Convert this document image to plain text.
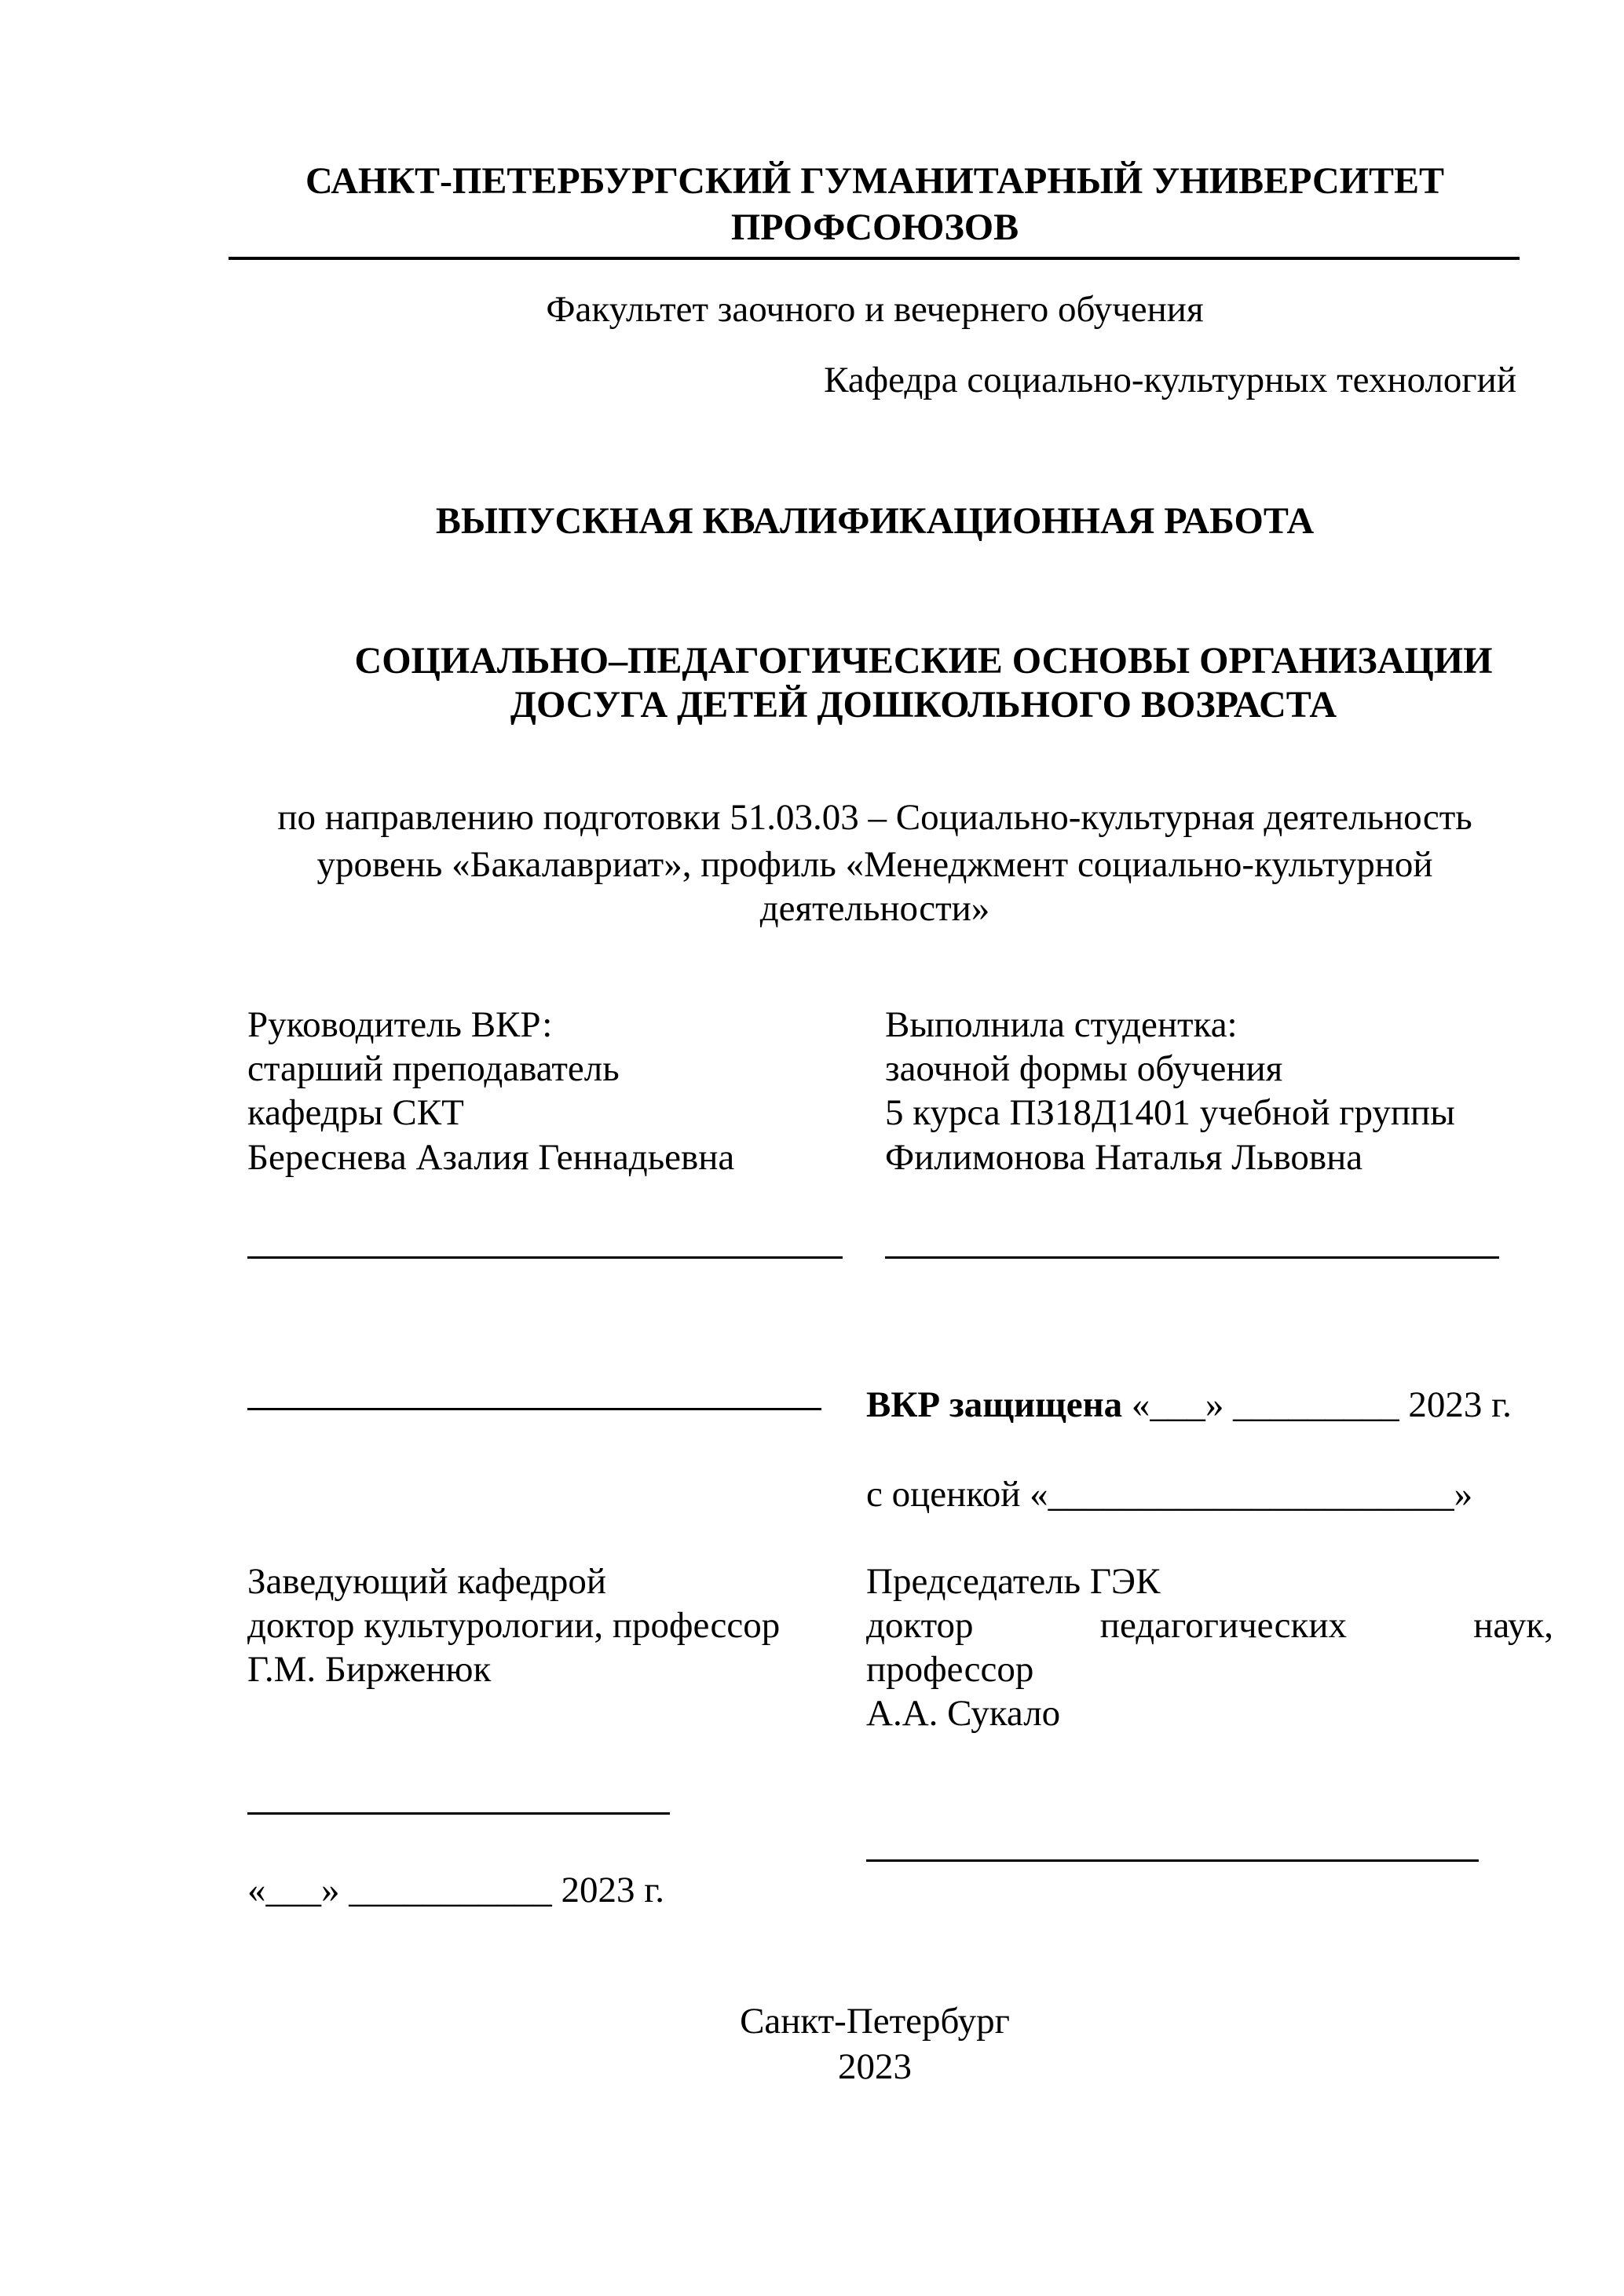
САНКТ-ПЕТЕРБУРГСКИЙ ГУМАНИТАРНЫЙ УНИВЕРСИТЕТ
ПРОФСОЮЗОВ
Факультет заочного и вечернего обучения
Кафедра социально-культурных технологий
ВЫПУСКНАЯ КВАЛИФИКАЦИОННАЯ РАБОТА
СОЦИАЛЬНО–ПЕДАГОГИЧЕСКИЕ ОСНОВЫ ОРГАНИЗАЦИИ
ДОСУГА ДЕТЕЙ ДОШКОЛЬНОГО ВОЗРАСТА
по направлению подготовки 51.03.03 – Социально-культурная деятельность
уровень «Бакалавриат», профиль «Менеджмент социально-культурной
деятельности»
Руководитель ВКР:
старший преподаватель
кафедры СКТ
Береснева Азалия Геннадьевна
Выполнила студентка:
заочной формы обучения
5 курса ПЗ18Д1401 учебной группы
Филимонова Наталья Львовна
ВКР защищена «___» _________ 2023 г.
с оценкой «______________________»
Заведующий кафедрой
доктор культурологии, профессор
Г.М. Бирженюк
Председатель ГЭК
доктор	педагогических	наук,
профессор
А.А. Сукало
«___» ___________ 2023 г.
Санкт-Петербург
2023
